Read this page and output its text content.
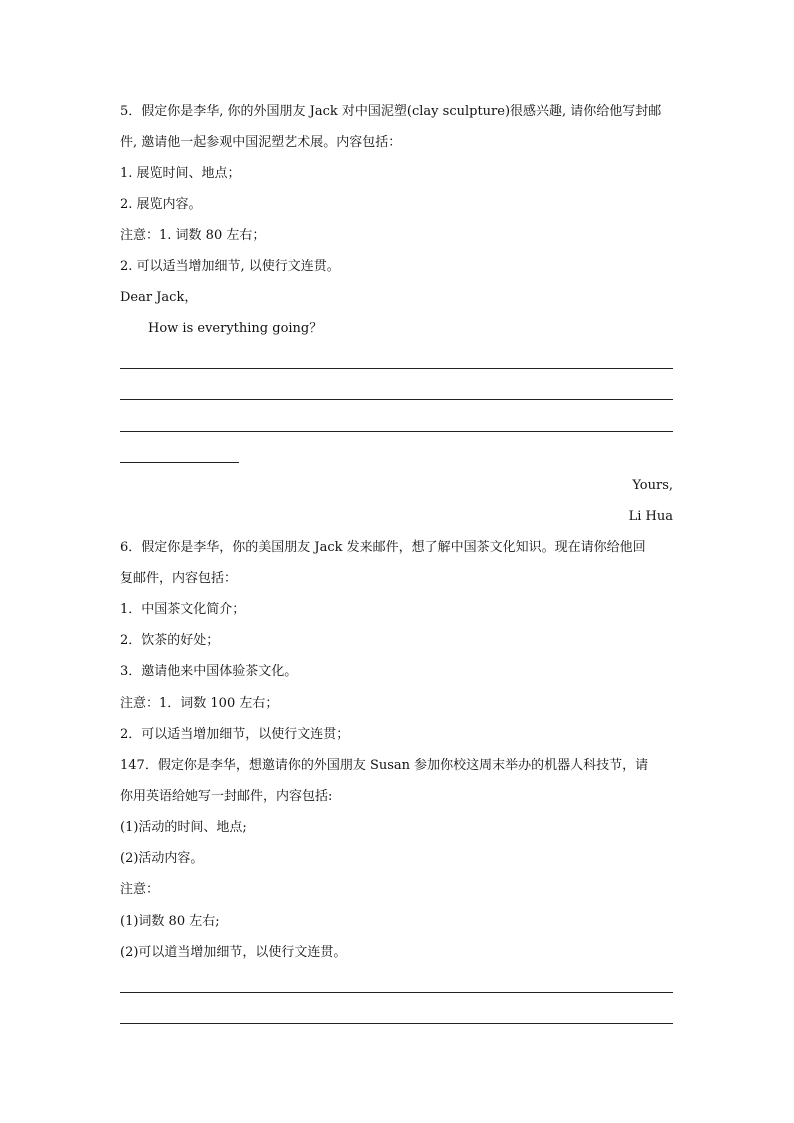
5．假定你是李华, 你的外国朋友 Jack 对中国泥塑(clay sculpture)很感兴趣, 请你给他写封邮
件, 邀请他一起参观中国泥塑艺术展。内容包括：
1. 展览时间、地点；
2. 展览内容。
注意：1. 词数 80 左右；
2. 可以适当增加细节, 以使行文连贯。
Dear Jack，
How is everything going？
Yours,
Li Hua
6．假定你是李华，你的美国朋友 Jack 发来邮件，想了解中国茶文化知识。现在请你给他回
复邮件，内容包括：
1．中国茶文化简介；
2．饮茶的好处；
3．邀请他来中国体验茶文化。
注意：1．词数 100 左右；
2．可以适当增加细节，以使行文连贯；
147．假定你是李华，想邀请你的外国朋友 Susan 参加你校这周末举办的机器人科技节，请
你用英语给她写一封邮件，内容包括:
(1)活动的时间、地点;
(2)活动内容。
注意：
(1)词数 80 左右;
(2)可以道当增加细节，以使行文连贯。
